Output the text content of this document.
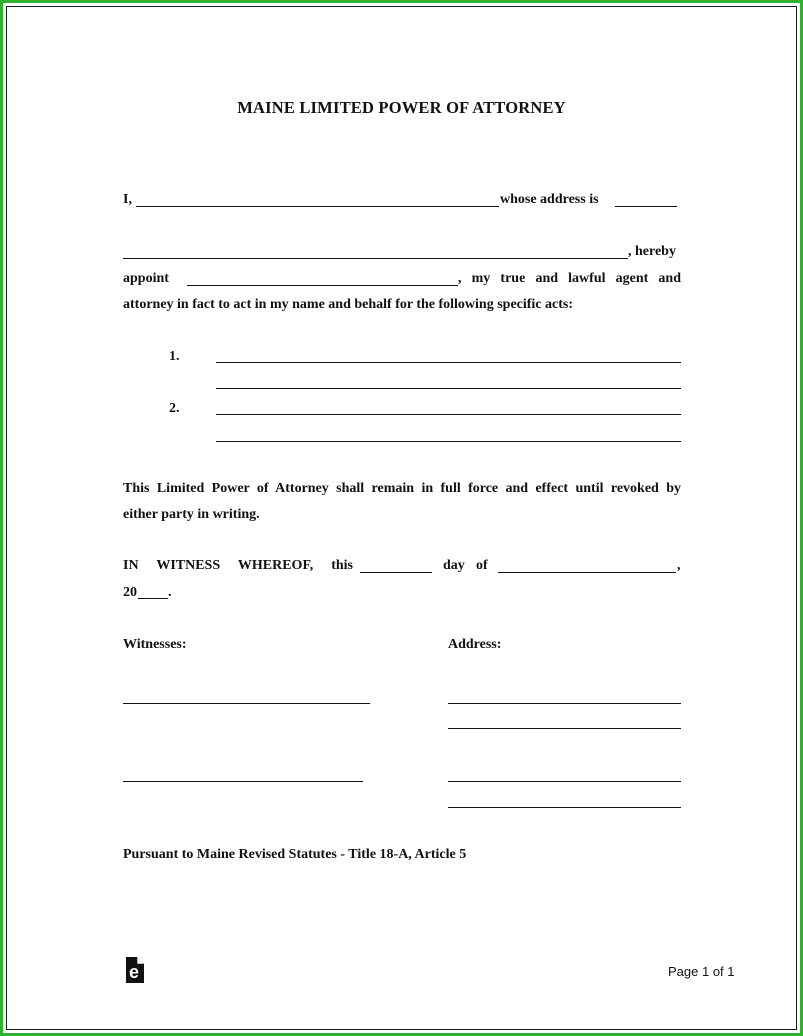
MAINE LIMITED POWER OF ATTORNEY
I,	whose address is
, hereby
appoint	, my true and lawful agent and
attorney in fact to act in my name and behalf for the following specific acts:
1.
2.
This Limited Power of Attorney shall remain in full force and effect until revoked by
either party in writing.
IN WITNESS WHEREOF, this	day of	,
20 .
Witnesses:	Address:
Pursuant to Maine Revised Statutes - Title 18-A, Article 5
e	Page 1 of 1
